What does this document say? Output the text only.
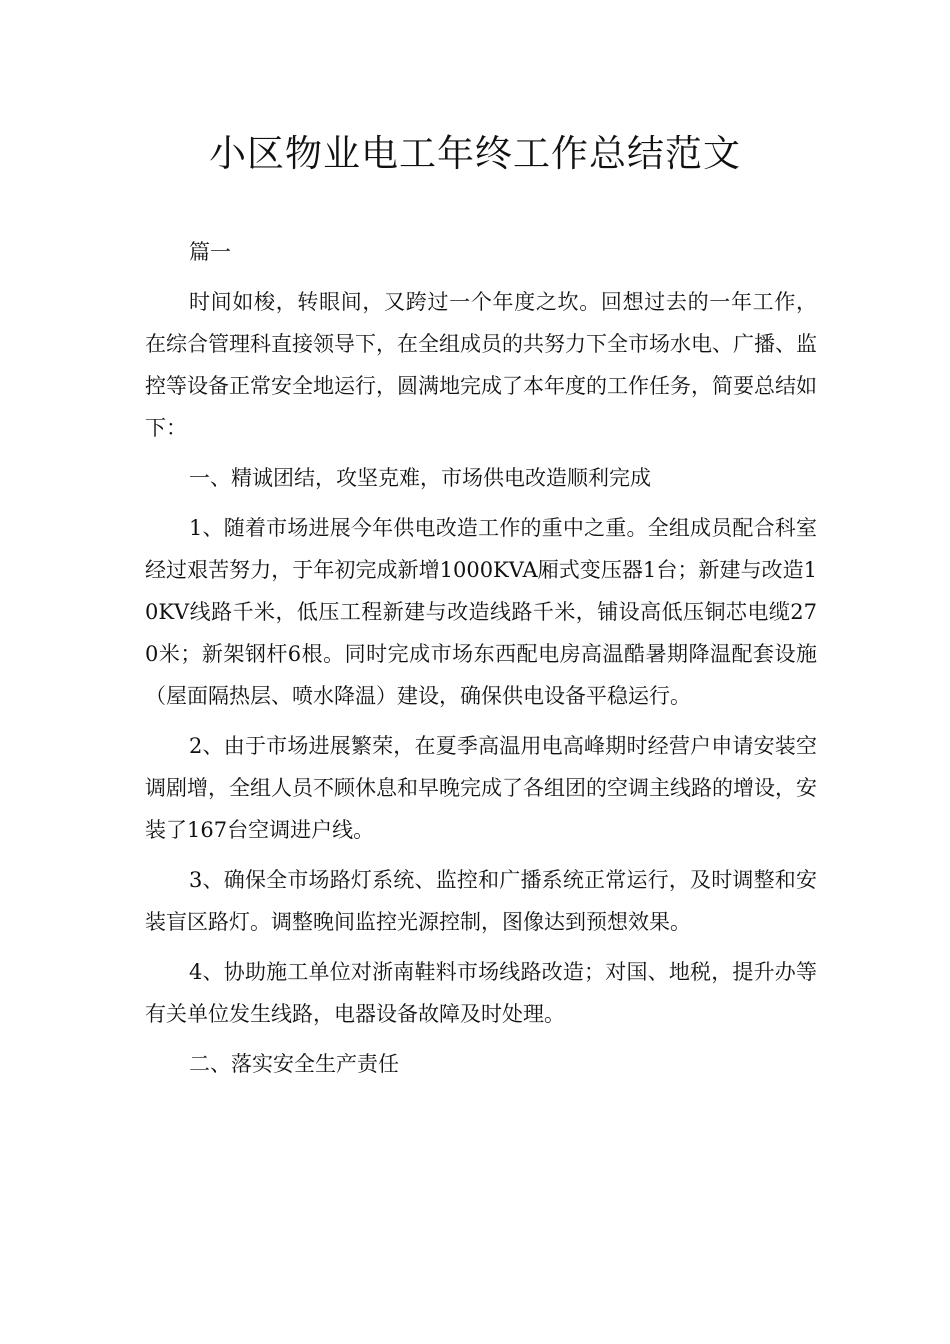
小区物业电工年终工作总结范文

篇一

时间如梭，转眼间，又跨过一个年度之坎。回想过去的一年工作，在综合管理科直接领导下，在全组成员的共努力下全市场水电、广播、监控等设备正常安全地运行，圆满地完成了本年度的工作任务，简要总结如下：

一、精诚团结，攻坚克难，市场供电改造顺利完成

1、随着市场进展今年供电改造工作的重中之重。全组成员配合科室经过艰苦努力，于年初完成新增1000KVA厢式变压器1台；新建与改造10KV线路千米，低压工程新建与改造线路千米，铺设高低压铜芯电缆270米；新架钢杆6根。同时完成市场东西配电房高温酷暑期降温配套设施（屋面隔热层、喷水降温）建设，确保供电设备平稳运行。

2、由于市场进展繁荣，在夏季高温用电高峰期时经营户申请安装空调剧增，全组人员不顾休息和早晚完成了各组团的空调主线路的增设，安装了167台空调进户线。

3、确保全市场路灯系统、监控和广播系统正常运行，及时调整和安装盲区路灯。调整晚间监控光源控制，图像达到预想效果。

4、协助施工单位对浙南鞋料市场线路改造；对国、地税，提升办等有关单位发生线路，电器设备故障及时处理。

二、落实安全生产责任
